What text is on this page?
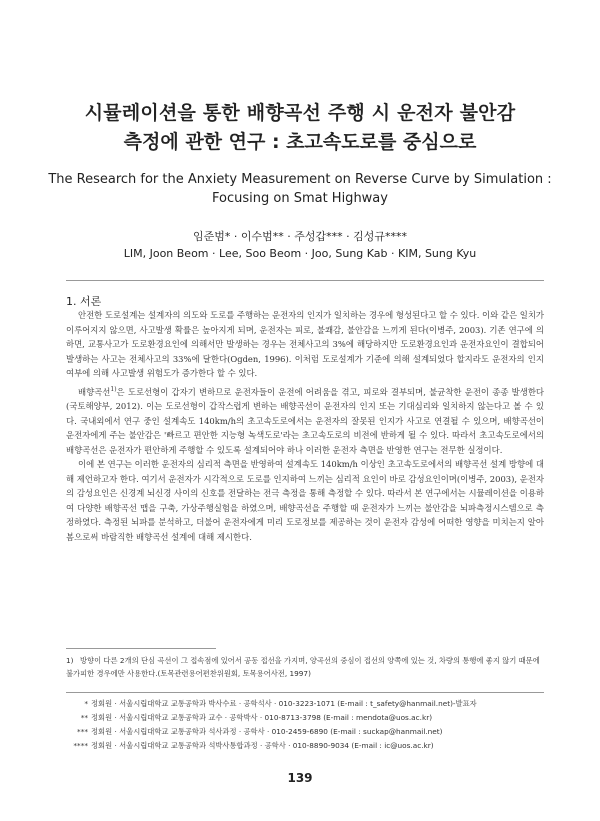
시뮬레이션을 통한 배향곡선 주행 시 운전자 불안감
측정에 관한 연구 : 초고속도로를 중심으로
The Research for the Anxiety Measurement on Reverse Curve by Simulation :
Focusing on Smat Highway
임준범* · 이수범** · 주성갑*** · 김성규****
LIM, Joon Beom · Lee, Soo Beom · Joo, Sung Kab · KIM, Sung Kyu
1. 서론

안전한 도로설계는 설계자의 의도와 도로를 주행하는 운전자의 인지가 일치하는 경우에 형성된다고 할 수 있다. 이와 같은 일치가 이루어지지 않으면, 사고발생 확률은 높아지게 되며, 운전자는 피로, 불쾌감, 불안감을 느끼게 된다(이병주, 2003). 기존 연구에 의하면, 교통사고가 도로환경요인에 의해서만 발생하는 경우는 전체사고의 3%에 해당하지만 도로환경요인과 운전자요인이 결합되어 발생하는 사고는 전체사고의 33%에 달한다(Ogden, 1996). 이처럼 도로설계가 기준에 의해 설계되었다 할지라도 운전자의 인지여부에 의해 사고발생 위험도가 증가한다 할 수 있다.

배향곡선$^{1)}$은 도로선형이 갑자기 변하므로 운전자들이 운전에 어려움을 겪고, 피로와 결부되며, 불균착한 운전이 종종 발생한다(국토해양부, 2012). 이는 도로선형이 갑작스럽게 변하는 배향곡선이 운전자의 인지 또는 기대심리와 일치하지 않는다고 볼 수 있다. 국내외에서 연구 중인 설계속도 140km/h의 초고속도로에서는 운전자의 잘못된 인지가 사고로 연결될 수 있으며, 배향곡선이 운전자에게 주는 불안감은 '빠르고 편안한 지능형 녹색도로'라는 초고속도로의 비전에 반하게 될 수 있다. 따라서 초고속도로에서의 배향곡선은 운전자가 편안하게 주행할 수 있도록 설계되어야 하나 이러한 운전자 측면을 반영한 연구는 전무한 실정이다.

이에 본 연구는 이러한 운전자의 심리적 측면을 반영하여 설계속도 140km/h 이상인 초고속도로에서의 배향곡선 설계 방향에 대해 제언하고자 한다. 여기서 운전자가 시각적으로 도로를 인지하여 느끼는 심리적 요인이 바로 감성요인이며(이병주, 2003), 운전자의 감성요인은 신경계 뇌신경 사이의 신호를 전달하는 전극 측정을 통해 측정할 수 있다. 따라서 본 연구에서는 시뮬레이션을 이용하여 다양한 배향곡선 맵을 구축, 가상주행실험을 하였으며, 배향곡선을 주행할 때 운전자가 느끼는 불안감을 뇌파측정시스템으로 측정하였다. 측정된 뇌파를 분석하고, 더불어 운전자에게 미리 도로정보를 제공하는 것이 운전자 감성에 어떠한 영향을 미치는지 알아봄으로써 바람직한 배향곡선 설계에 대해 제시한다.

1) 방향이 다른 2개의 단심 곡선이 그 접속점에 있어서 공동 접선을 가지며, 양곡선의 중심이 접선의 양쪽에 있는 것, 차량의 통행에 좋지 않기 때문에 불가피한 경우에만 사용한다.(토목관련용어편찬위원회, 토목용어사전, 1997)
* 정회원 · 서울시립대학교 교통공학과 박사수료 · 공학석사 · 010-3223-1071 (E-mail : t_safety@hanmail.net)-발표자
** 정회원 · 서울시립대학교 교통공학과 교수 · 공학박사 · 010-8713-3798 (E-mail : mendota@uos.ac.kr)
*** 정회원 · 서울시립대학교 교통공학과 석사과정 · 공학사 · 010-2459-6890 (E-mail : suckap@hanmail.net)
**** 정회원 · 서울시립대학교 교통공학과 석박사통합과정 · 공학사 · 010-8890-9034 (E-mail : ic@uos.ac.kr)
139
